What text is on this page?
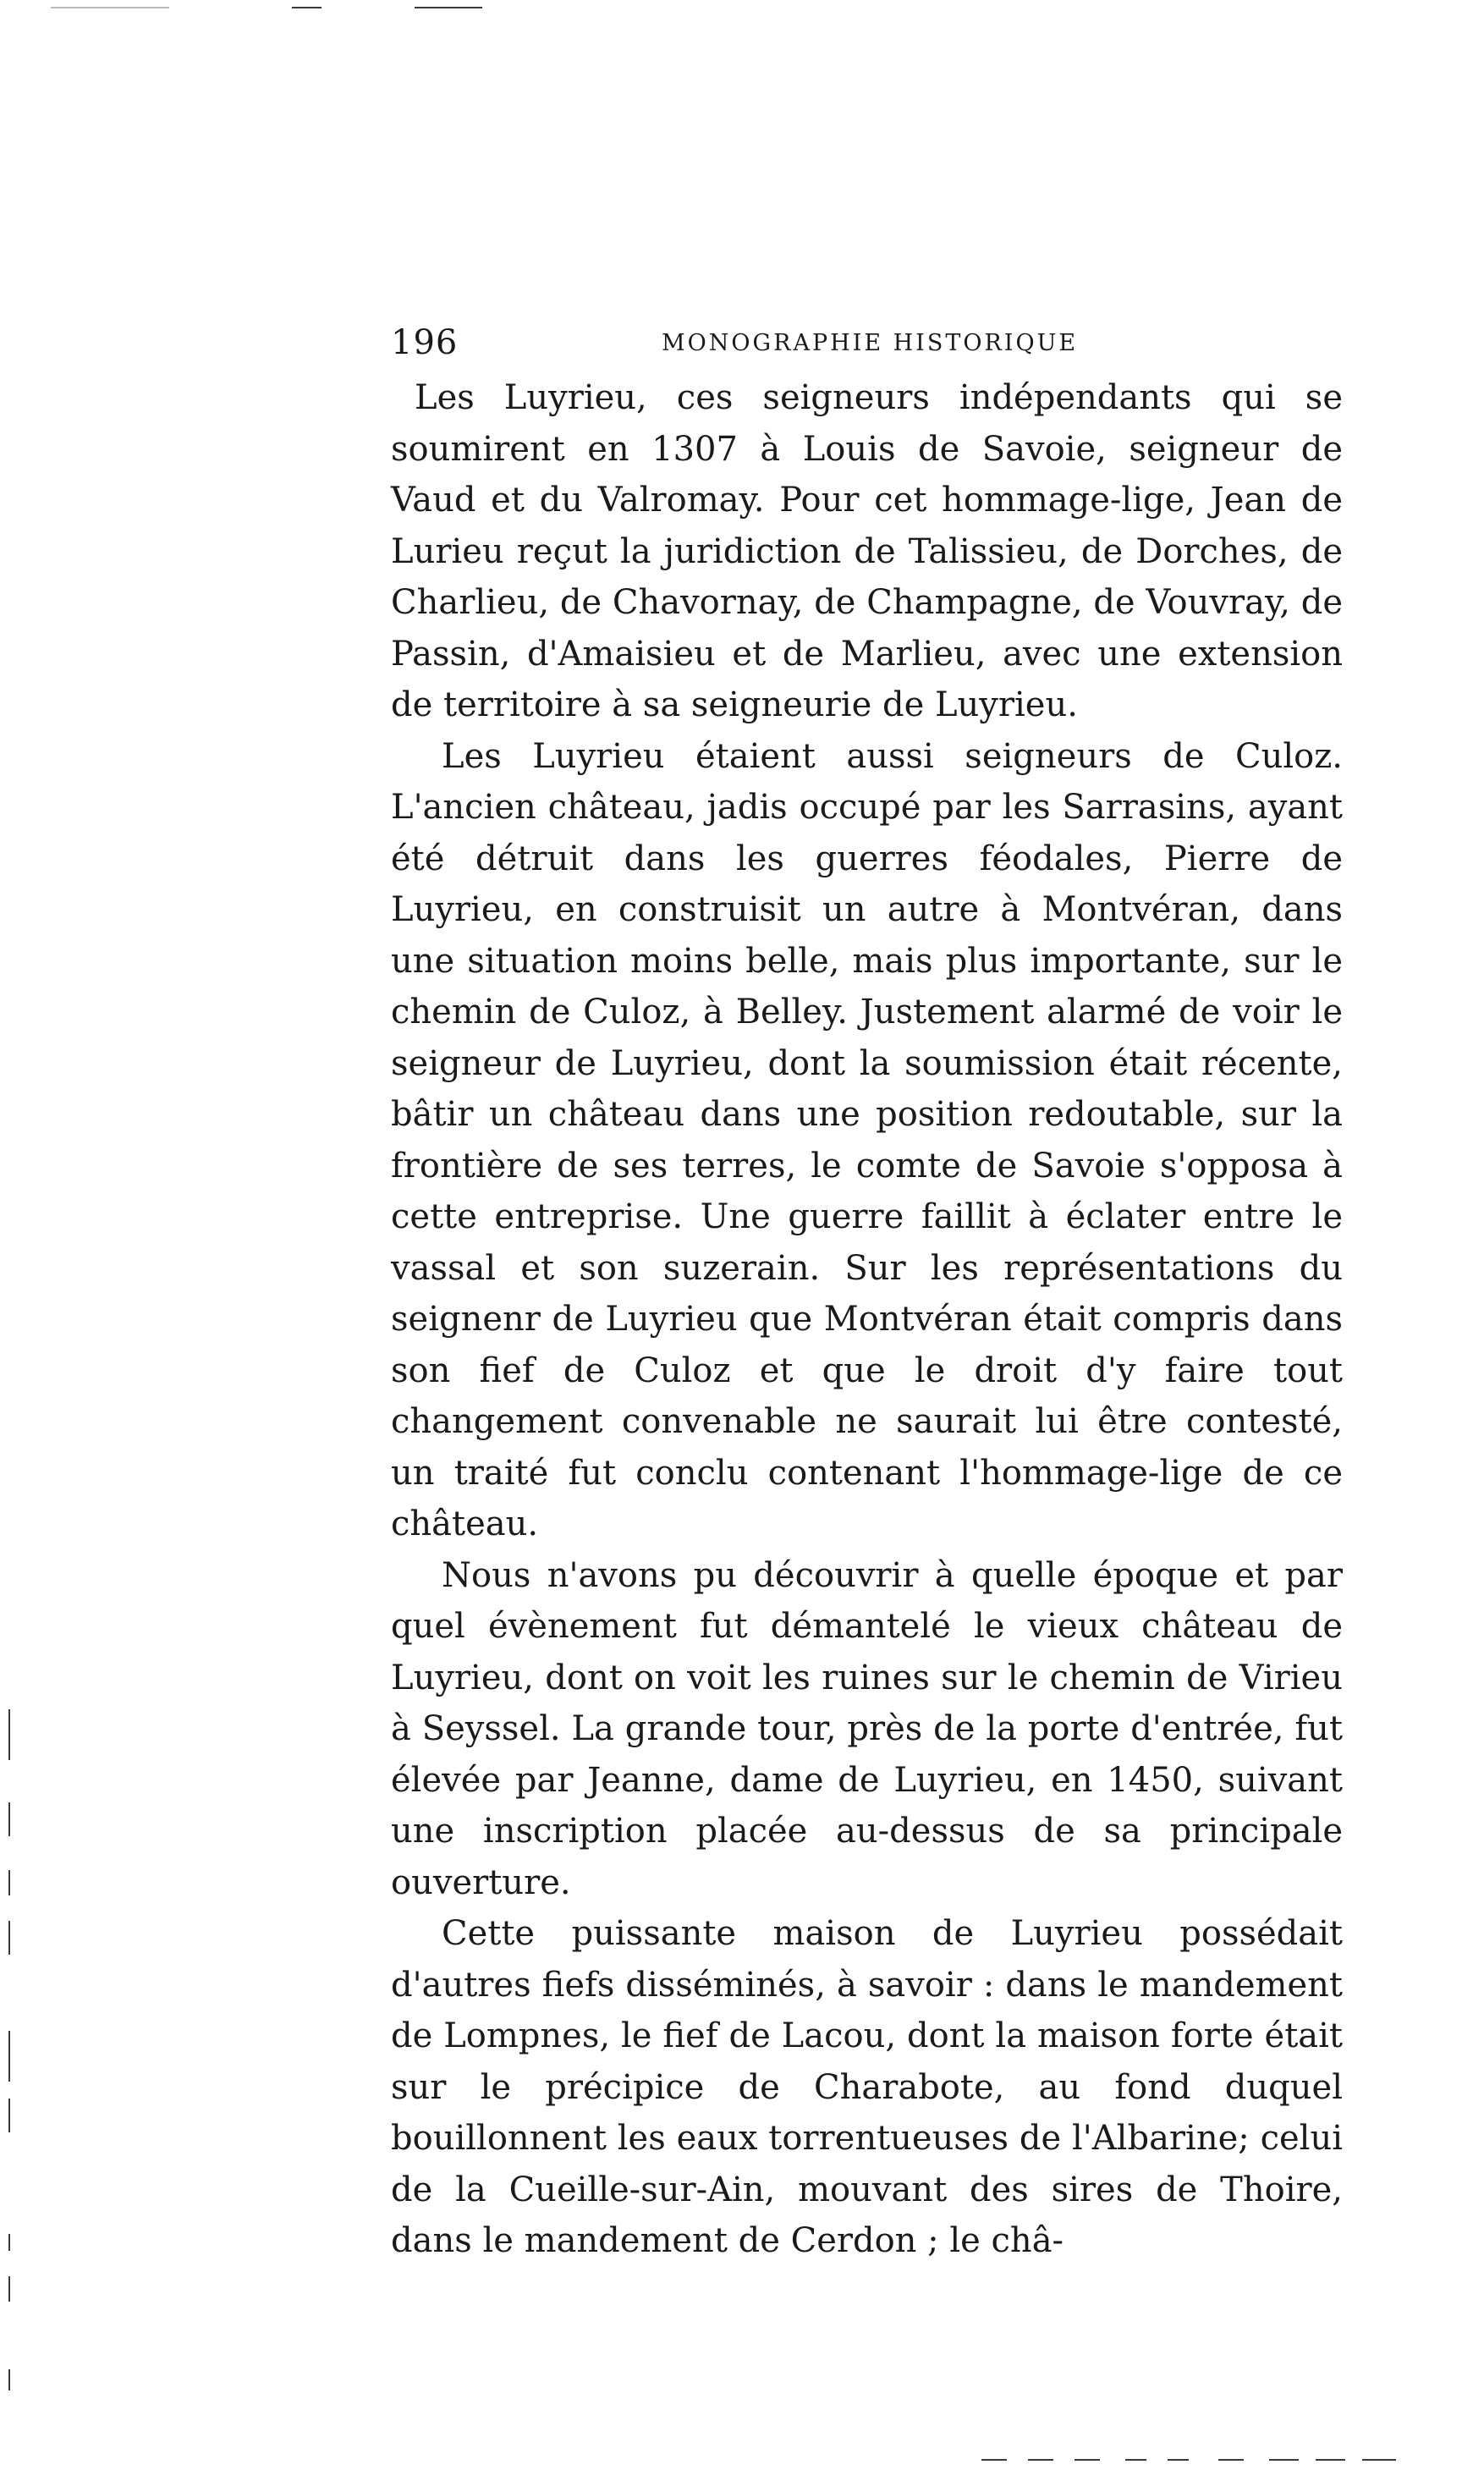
196	MONOGRAPHIE HISTORIQUE

Les Luyrieu, ces seigneurs indépendants qui se soumirent en 1307 à Louis de Savoie, seigneur de Vaud et du Valromay. Pour cet hommage-lige, Jean de Lurieu reçut la juridiction de Talissieu, de Dorches, de Charlieu, de Chavornay, de Champagne, de Vouvray, de Passin, d'Amaisieu et de Marlieu, avec une extension de territoire à sa seigneurie de Luyrieu.

Les Luyrieu étaient aussi seigneurs de Culoz. L'ancien château, jadis occupé par les Sarrasins, ayant été détruit dans les guerres féodales, Pierre de Luyrieu, en construisit un autre à Montvéran, dans une situation moins belle, mais plus importante, sur le chemin de Culoz, à Belley. Justement alarmé de voir le seigneur de Luyrieu, dont la soumission était récente, bâtir un château dans une position redoutable, sur la frontière de ses terres, le comte de Savoie s'opposa à cette entreprise. Une guerre faillit à éclater entre le vassal et son suzerain. Sur les représentations du seignenr de Luyrieu que Montvéran était compris dans son fief de Culoz et que le droit d'y faire tout changement convenable ne saurait lui être contesté, un traité fut conclu contenant l'hommage-lige de ce château.

Nous n'avons pu découvrir à quelle époque et par quel évènement fut démantelé le vieux château de Luyrieu, dont on voit les ruines sur le chemin de Virieu à Seyssel. La grande tour, près de la porte d'entrée, fut élevée par Jeanne, dame de Luyrieu, en 1450, suivant une inscription placée au-dessus de sa principale ouverture.

Cette puissante maison de Luyrieu possédait d'autres fiefs disséminés, à savoir : dans le mandement de Lompnes, le fief de Lacou, dont la maison forte était sur le précipice de Charabote, au fond duquel bouillonnent les eaux torrentueuses de l'Albarine; celui de la Cueille-sur-Ain, mouvant des sires de Thoire, dans le mandement de Cerdon ; le châ-
